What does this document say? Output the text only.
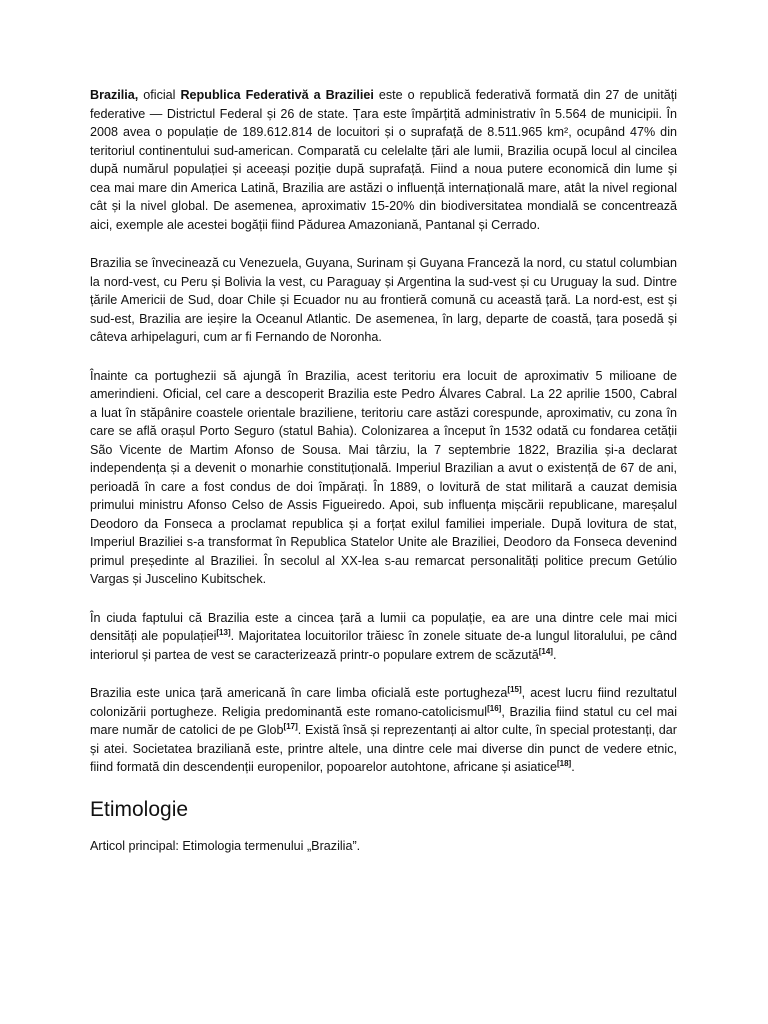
Brazilia, oficial Republica Federativă a Braziliei este o republică federativă formată din 27 de unități federative — Districtul Federal și 26 de state. Țara este împărțită administrativ în 5.564 de municipii. În 2008 avea o populație de 189.612.814 de locuitori și o suprafață de 8.511.965 km², ocupând 47% din teritoriul continentului sud-american. Comparată cu celelalte țări ale lumii, Brazilia ocupă locul al cincilea după numărul populației și aceeași poziție după suprafață. Fiind a noua putere economică din lume și cea mai mare din America Latină, Brazilia are astăzi o influență internațională mare, atât la nivel regional cât și la nivel global. De asemenea, aproximativ 15-20% din biodiversitatea mondială se concentrează aici, exemple ale acestei bogății fiind Pădurea Amazoniană, Pantanal și Cerrado.

Brazilia se învecinează cu Venezuela, Guyana, Surinam și Guyana Franceză la nord, cu statul columbian la nord-vest, cu Peru și Bolivia la vest, cu Paraguay și Argentina la sud-vest și cu Uruguay la sud. Dintre țările Americii de Sud, doar Chile și Ecuador nu au frontieră comună cu această țară. La nord-est, est și sud-est, Brazilia are ieșire la Oceanul Atlantic. De asemenea, în larg, departe de coastă, țara posedă și câteva arhipelaguri, cum ar fi Fernando de Noronha.

Înainte ca portughezii să ajungă în Brazilia, acest teritoriu era locuit de aproximativ 5 milioane de amerindieni. Oficial, cel care a descoperit Brazilia este Pedro Álvares Cabral. La 22 aprilie 1500, Cabral a luat în stăpânire coastele orientale braziliene, teritoriu care astăzi corespunde, aproximativ, cu zona în care se află orașul Porto Seguro (statul Bahia). Colonizarea a început în 1532 odată cu fondarea cetății São Vicente de Martim Afonso de Sousa. Mai târziu, la 7 septembrie 1822, Brazilia și-a declarat independența și a devenit o monarhie constituțională. Imperiul Brazilian a avut o existență de 67 de ani, perioadă în care a fost condus de doi împărați. În 1889, o lovitură de stat militară a cauzat demisia primului ministru Afonso Celso de Assis Figueiredo. Apoi, sub influența mișcării republicane, mareșalul Deodoro da Fonseca a proclamat republica și a forțat exilul familiei imperiale. După lovitura de stat, Imperiul Braziliei s-a transformat în Republica Statelor Unite ale Braziliei, Deodoro da Fonseca devenind primul președinte al Braziliei. În secolul al XX-lea s-au remarcat personalități politice precum Getúlio Vargas și Juscelino Kubitschek.

În ciuda faptului că Brazilia este a cincea țară a lumii ca populație, ea are una dintre cele mai mici densități ale populației[13]. Majoritatea locuitorilor trăiesc în zonele situate de-a lungul litoralului, pe când interiorul și partea de vest se caracterizează printr-o populare extrem de scăzută[14].

Brazilia este unica țară americană în care limba oficială este portugheza[15], acest lucru fiind rezultatul colonizării portugheze. Religia predominantă este romano-catolicismul[16], Brazilia fiind statul cu cel mai mare număr de catolici de pe Glob[17]. Există însă și reprezentanți ai altor culte, în special protestanți, dar și atei. Societatea braziliană este, printre altele, una dintre cele mai diverse din punct de vedere etnic, fiind formată din descendenții europenilor, popoarelor autohtone, africane și asiatice[18].

Etimologie

Articol principal: Etimologia termenului „Brazilia”.
